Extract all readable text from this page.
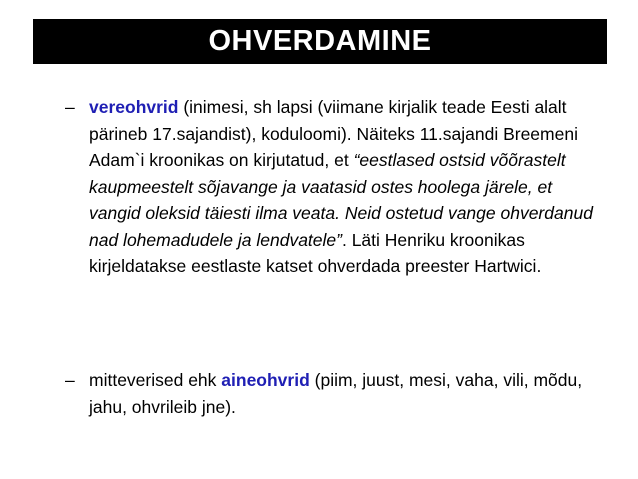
OHVERDAMINE
– vereohvrid (inimesi, sh lapsi (viimane kirjalik teade Eesti alalt pärineb 17.sajandist), koduloomi). Näiteks 11.sajandi Breemeni Adam`i kroonikas on kirjutatud, et “eestlased ostsid võõrastelt kaupmeestelt sõjavange ja vaatasid ostes hoolega järele, et vangid oleksid täiesti ilma veata. Neid ostetud vange ohverdanud nad lohemadudele ja lendvatele”. Läti Henriku kroonikas kirjeldatakse eestlaste katset ohverdada preester Hartwici.
– mitteverised ehk aineohvrid (piim, juust, mesi, vaha, vili, mõdu, jahu, ohvrileib jne).
